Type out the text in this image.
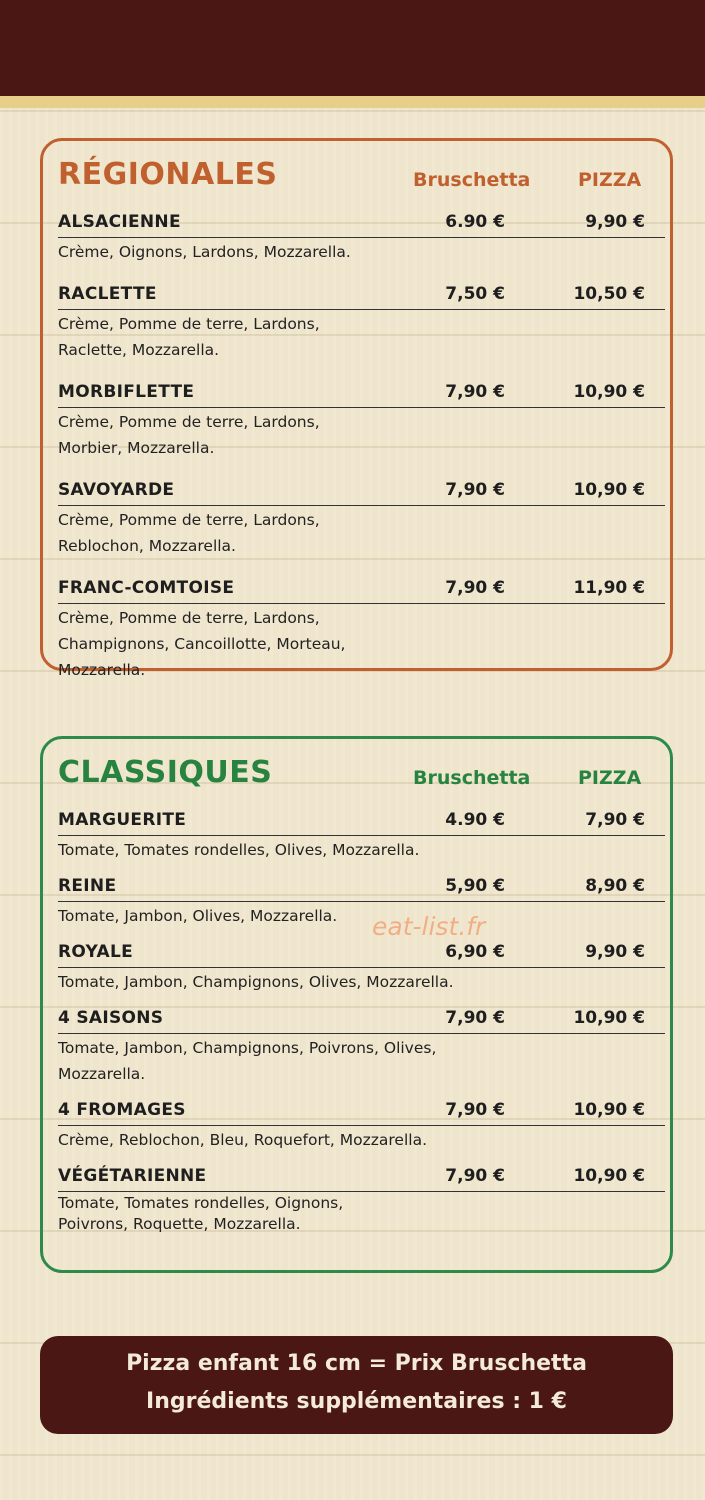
RÉGIONALES	Bruschetta	PIZZA
ALSACIENNE	6.90 €	9,90 €
Crème, Oignons, Lardons, Mozzarella.
RACLETTE	7,50 €	10,50 €
Crème, Pomme de terre, Lardons, Raclette, Mozzarella.
MORBIFLETTE	7,90 €	10,90 €
Crème, Pomme de terre, Lardons, Morbier, Mozzarella.
SAVOYARDE	7,90 €	10,90 €
Crème, Pomme de terre, Lardons, Reblochon, Mozzarella.
FRANC-COMTOISE	7,90 €	11,90 €
Crème, Pomme de terre, Lardons, Champignons, Cancoillotte, Morteau, Mozzarella.
CLASSIQUES	Bruschetta	PIZZA
MARGUERITE	4.90 €	7,90 €
Tomate, Tomates rondelles, Olives, Mozzarella.
REINE	5,90 €	8,90 €
Tomate, Jambon, Olives, Mozzarella.
ROYALE	6,90 €	9,90 €
Tomate, Jambon, Champignons, Olives, Mozzarella.
4 SAISONS	7,90 €	10,90 €
Tomate, Jambon, Champignons, Poivrons, Olives, Mozzarella.
4 FROMAGES	7,90 €	10,90 €
Crème, Reblochon, Bleu, Roquefort, Mozzarella.
VÉGÉTARIENNE	7,90 €	10,90 €
Tomate, Tomates rondelles, Oignons, Poivrons, Roquette, Mozzarella.
eat-list.fr
Pizza enfant 16 cm = Prix Bruschetta
Ingrédients supplémentaires : 1 €
